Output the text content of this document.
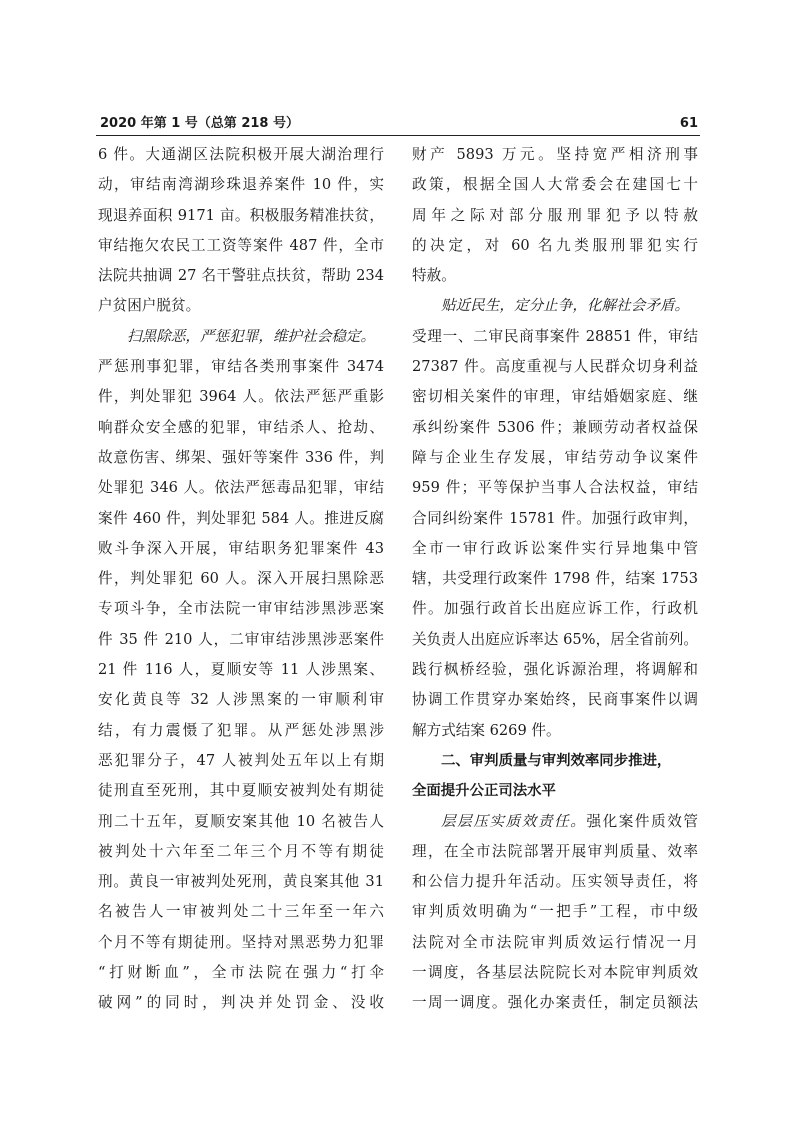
2020 年第 1 号（总第 218 号）	61
6 件。大通湖区法院积极开展大湖治理行
动，审结南湾湖珍珠退养案件 10 件，实
现退养面积 9171 亩。积极服务精准扶贫，
审结拖欠农民工工资等案件 487 件，全市
法院共抽调 27 名干警驻点扶贫，帮助 234
户贫困户脱贫。
扫黑除恶，严惩犯罪，维护社会稳定。
严惩刑事犯罪，审结各类刑事案件 3474
件，判处罪犯 3964 人。依法严惩严重影
响群众安全感的犯罪，审结杀人、抢劫、
故意伤害、绑架、强奸等案件 336 件，判
处罪犯 346 人。依法严惩毒品犯罪，审结
案件 460 件，判处罪犯 584 人。推进反腐
败斗争深入开展，审结职务犯罪案件 43
件，判处罪犯 60 人。深入开展扫黑除恶
专项斗争，全市法院一审审结涉黑涉恶案
件 35 件 210 人，二审审结涉黑涉恶案件
21 件 116 人，夏顺安等 11 人涉黑案、
安化黄良等 32 人涉黑案的一审顺利审
结，有力震慑了犯罪。从严惩处涉黑涉
恶犯罪分子，47 人被判处五年以上有期
徒刑直至死刑，其中夏顺安被判处有期徒
刑二十五年，夏顺安案其他 10 名被告人
被判处十六年至二年三个月不等有期徒
刑。黄良一审被判处死刑，黄良案其他 31
名被告人一审被判处二十三年至一年六
个月不等有期徒刑。坚持对黑恶势力犯罪
“打财断血”，全市法院在强力“打伞
破网”的同时，判决并处罚金、没收
财产 5893 万元。坚持宽严相济刑事
政策，根据全国人大常委会在建国七十
周年之际对部分服刑罪犯予以特赦
的决定，对 60 名九类服刑罪犯实行
特赦。
贴近民生，定分止争，化解社会矛盾。
受理一、二审民商事案件 28851 件，审结
27387 件。高度重视与人民群众切身利益
密切相关案件的审理，审结婚姻家庭、继
承纠纷案件 5306 件；兼顾劳动者权益保
障与企业生存发展，审结劳动争议案件
959 件；平等保护当事人合法权益，审结
合同纠纷案件 15781 件。加强行政审判，
全市一审行政诉讼案件实行异地集中管
辖，共受理行政案件 1798 件，结案 1753
件。加强行政首长出庭应诉工作，行政机
关负责人出庭应诉率达 65%，居全省前列。
践行枫桥经验，强化诉源治理，将调解和
协调工作贯穿办案始终，民商事案件以调
解方式结案 6269 件。
二、审判质量与审判效率同步推进，
全面提升公正司法水平
层层压实质效责任。强化案件质效管
理，在全市法院部署开展审判质量、效率
和公信力提升年活动。压实领导责任，将
审判质效明确为“一把手”工程，市中级
法院对全市法院审判质效运行情况一月
一调度，各基层法院院长对本院审判质效
一周一调度。强化办案责任，制定员额法
